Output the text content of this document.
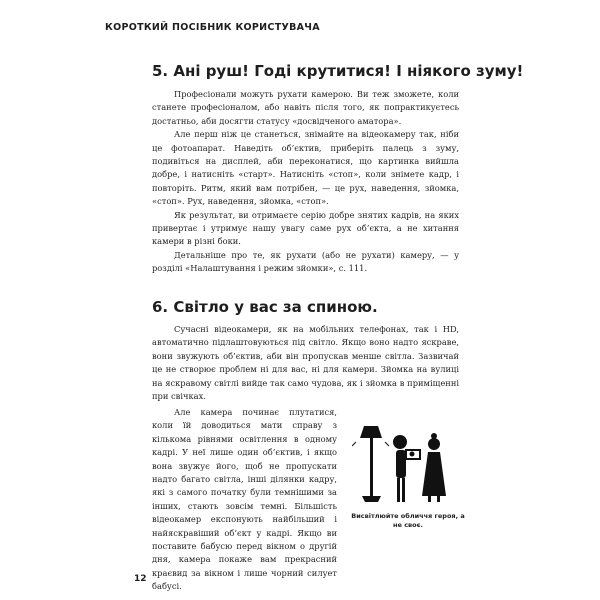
КОРОТКИЙ ПОСІБНИК КОРИСТУВАЧА
5. Ані руш! Годі крутитися! І ніякого зуму!

Професіонали можуть рухати камерою. Ви теж зможете, коли станете професіоналом, або навіть після того, як попрактикуєтесь достатньо, аби досягти статусу «досвідченого аматора».

Але перш ніж це станеться, знімайте на відеокамеру так, ніби це фотоапарат. Наведіть об’єктив, приберіть палець з зуму, подивіться на дисплей, аби переконатися, що картинка вийшла добре, і натисніть «старт». Натисніть «стоп», коли знімете кадр, і повторіть. Ритм, який вам потрібен, — це рух, наведення, зйомка, «стоп». Рух, наведення, зйомка, «стоп».

Як результат, ви отримаєте серію добре знятих кадрів, на яких привертає і утримує нашу увагу саме рух об’єкта, а не хитання камери в різні боки.

Детальніше про те, як рухати (або не рухати) камеру, — у розділі «Налаштування і режим зйомки», с. 111.

6. Світло у вас за спиною.

Сучасні відеокамери, як на мобільних телефонах, так і HD, автоматично підлаштовуються під світло. Якщо воно надто яскраве, вони звужують об’єктив, аби він пропускав менше світла. Зазвичай це не створює проблем ні для вас, ні для камери. Зйомка на вулиці на яскравому світлі вийде так само чудова, як і зйомка в приміщенні при свічках.

Але камера починає плутатися, коли їй доводиться мати справу з кількома рівнями освітлення в одному кадрі. У неї лише один об’єктив, і якщо вона звужує його, щоб не пропускати надто багато світла, інші ділянки кадру, які з самого початку були темнішими за інших, стають зовсім темні. Більшість відеокамер експонують найбільший і найяскравіший об’єкт у кадрі. Якщо ви поставите бабусю перед вікном о другій дня, камера покаже вам прекрасний краєвид за вікном і лише чорний силует бабусі.

Висвітлюйте обличчя героя, а не своє.
12
